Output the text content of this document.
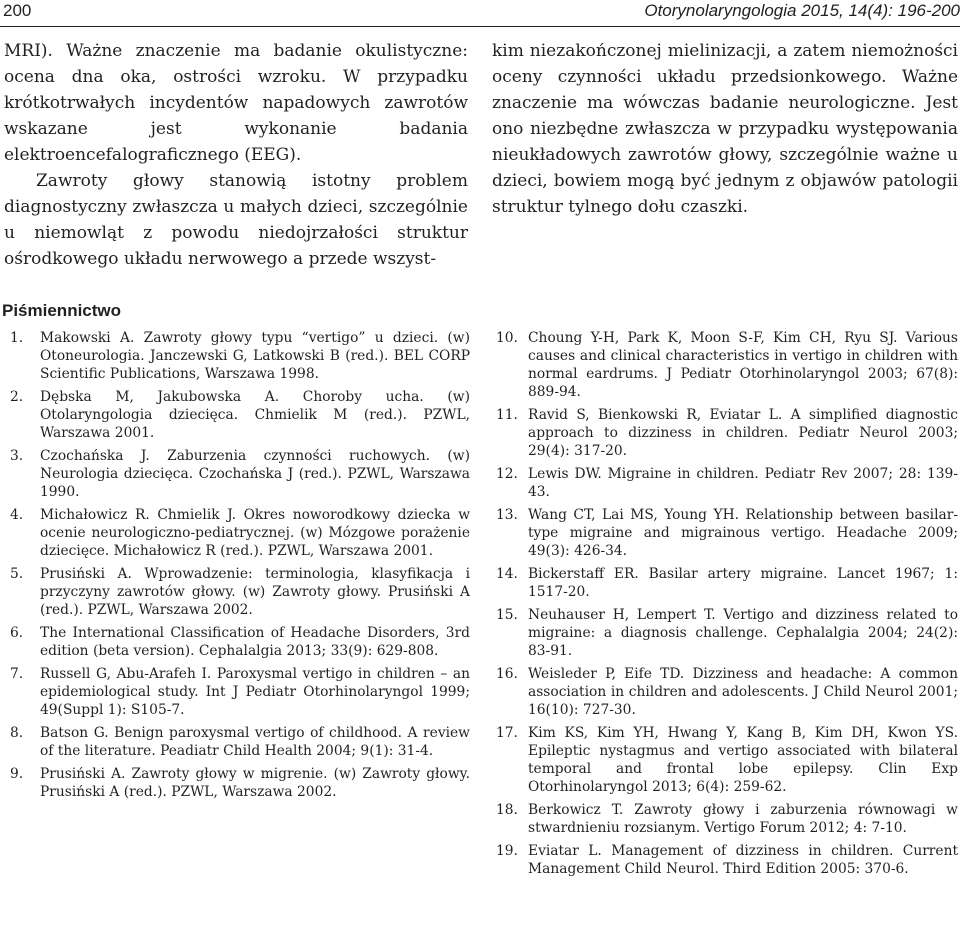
200	Otorynolaryngologia 2015, 14(4): 196-200

MRI). Ważne znaczenie ma badanie okulistyczne: ocena dna oka, ostrości wzroku. W przypadku krótkotrwałych incydentów napadowych zawrotów wskazane jest wykonanie badania elektroencefalograficznego (EEG).

Zawroty głowy stanowią istotny problem diagnostyczny zwłaszcza u małych dzieci, szczególnie u niemowląt z powodu niedojrzałości struktur ośrodkowego układu nerwowego a przede wszyst-

kim niezakończonej mielinizacji, a zatem niemożności oceny czynności układu przedsionkowego. Ważne znaczenie ma wówczas badanie neurologiczne. Jest ono niezbędne zwłaszcza w przypadku występowania nieukładowych zawrotów głowy, szczególnie ważne u dzieci, bowiem mogą być jednym z objawów patologii struktur tylnego dołu czaszki.

Piśmiennictwo
1. Makowski A. Zawroty głowy typu “vertigo” u dzieci. (w) Otoneurologia. Janczewski G, Latkowski B (red.). BEL CORP Scientific Publications, Warszawa 1998.
2. Dębska M, Jakubowska A. Choroby ucha. (w) Otolaryngologia dziecięca. Chmielik M (red.). PZWL, Warszawa 2001.
3. Czochańska J. Zaburzenia czynności ruchowych. (w) Neurologia dziecięca. Czochańska J (red.). PZWL, Warszawa 1990.
4. Michałowicz R. Chmielik J. Okres noworodkowy dziecka w ocenie neurologiczno-pediatrycznej. (w) Mózgowe porażenie dziecięce. Michałowicz R (red.). PZWL, Warszawa 2001.
5. Prusiński A. Wprowadzenie: terminologia, klasyfikacja i przyczyny zawrotów głowy. (w) Zawroty głowy. Prusiński A (red.). PZWL, Warszawa 2002.
6. The International Classification of Headache Disorders, 3rd edition (beta version). Cephalalgia 2013; 33(9): 629-808.
7. Russell G, Abu-Arafeh I. Paroxysmal vertigo in children – an epidemiological study. Int J Pediatr Otorhinolaryngol 1999; 49(Suppl 1): S105-7.
8. Batson G. Benign paroxysmal vertigo of childhood. A review of the literature. Peadiatr Child Health 2004; 9(1): 31-4.
9. Prusiński A. Zawroty głowy w migrenie. (w) Zawroty głowy. Prusiński A (red.). PZWL, Warszawa 2002.
10. Choung Y-H, Park K, Moon S-F, Kim CH, Ryu SJ. Various causes and clinical characteristics in vertigo in children with normal eardrums. J Pediatr Otorhinolaryngol 2003; 67(8): 889-94.
11. Ravid S, Bienkowski R, Eviatar L. A simplified diagnostic approach to dizziness in children. Pediatr Neurol 2003; 29(4): 317-20.
12. Lewis DW. Migraine in children. Pediatr Rev 2007; 28: 139-43.
13. Wang CT, Lai MS, Young YH. Relationship between basilar-type migraine and migrainous vertigo. Headache 2009; 49(3): 426-34.
14. Bickerstaff ER. Basilar artery migraine. Lancet 1967; 1: 1517-20.
15. Neuhauser H, Lempert T. Vertigo and dizziness related to migraine: a diagnosis challenge. Cephalalgia 2004; 24(2): 83-91.
16. Weisleder P, Eife TD. Dizziness and headache: A common association in children and adolescents. J Child Neurol 2001; 16(10): 727-30.
17. Kim KS, Kim YH, Hwang Y, Kang B, Kim DH, Kwon YS. Epileptic nystagmus and vertigo associated with bilateral temporal and frontal lobe epilepsy. Clin Exp Otorhinolaryngol 2013; 6(4): 259-62.
18. Berkowicz T. Zawroty głowy i zaburzenia równowagi w stwardnieniu rozsianym. Vertigo Forum 2012; 4: 7-10.
19. Eviatar L. Management of dizziness in children. Current Management Child Neurol. Third Edition 2005: 370-6.
